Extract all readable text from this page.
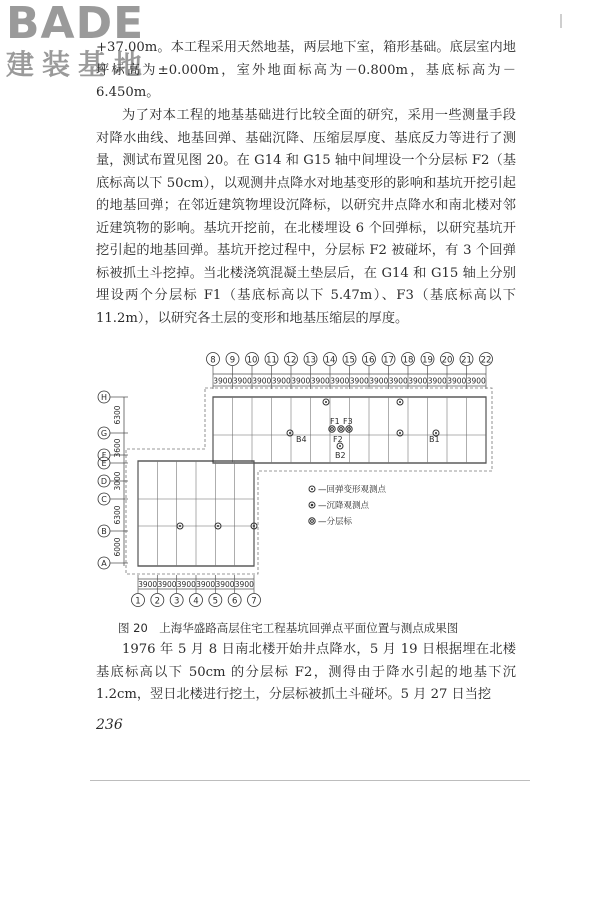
BADE
建装基地
+37.00m。本工程采用天然地基，两层地下室，箱形基础。底层室内地坪标高为±0.000m，室外地面标高为－0.800m，基底标高为－6.450m。
为了对本工程的地基基础进行比较全面的研究，采用一些测量手段对降水曲线、地基回弹、基础沉降、压缩层厚度、基底反力等进行了测量，测试布置见图 20。在 G14 和 G15 轴中间埋设一个分层标 F2（基底标高以下 50cm），以观测井点降水对地基变形的影响和基坑开挖引起的地基回弹；在邻近建筑物埋设沉降标，以研究井点降水和南北楼对邻近建筑物的影响。基坑开挖前，在北楼埋设 6 个回弹标，以研究基坑开挖引起的地基回弹。基坑开挖过程中，分层标 F2 被碰坏，有 3 个回弹标被抓土斗挖掉。当北楼浇筑混凝土垫层后，在 G14 和 G15 轴上分别埋设两个分层标 F1（基底标高以下 5.47m）、F3（基底标高以下 11.2m），以研究各土层的变形和地基压缩层的厚度。
8 9 10 11 12 13 14 15 16 17 18 19 20 21 22
3900 3900 3900 3900 3900 3900 3900 3900 3900 3900 3900 3900 3900 3900
H
G
F
E
D
C
B
A
6300
3600
3000
6300
6000
1 2 3 4 5 6 7
3900 3900 3900 3900 3900 3900
F1 F3
F2
B4
B2
B1
—回弹变形观测点
—沉降观测点
—分层标
图 20　上海华盛路高层住宅工程基坑回弹点平面位置与测点成果图
1976 年 5 月 8 日南北楼开始井点降水，5 月 19 日根据埋在北楼基底标高以下 50cm 的分层标 F2，测得由于降水引起的地基下沉 1.2cm，翌日北楼进行挖土，分层标被抓土斗碰坏。5 月 27 日当挖
236
